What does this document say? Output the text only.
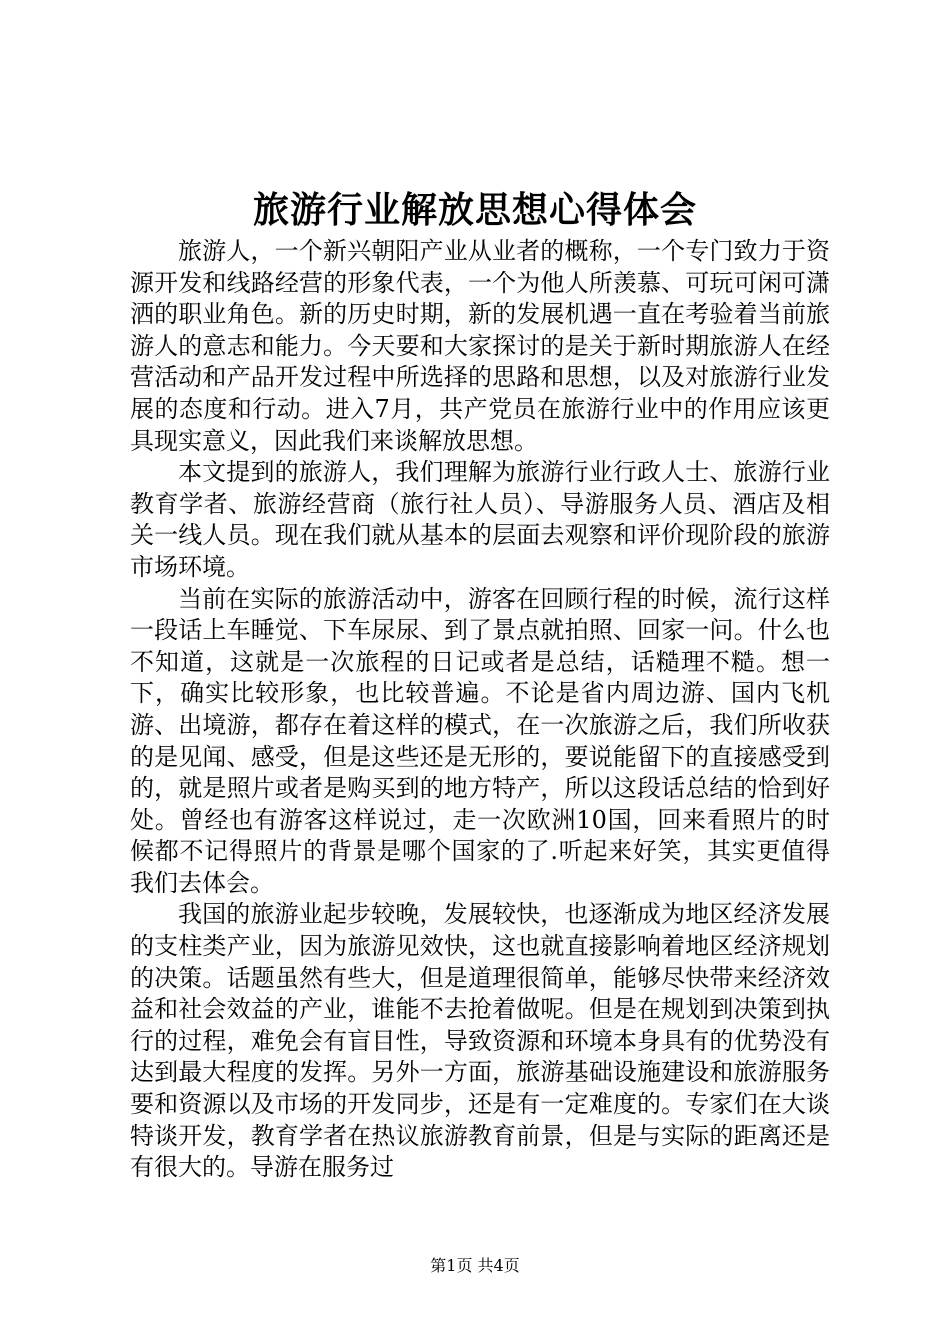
旅游行业解放思想心得体会

旅游人，一个新兴朝阳产业从业者的概称，一个专门致力于资源开发和线路经营的形象代表，一个为他人所羡慕、可玩可闲可潇洒的职业角色。新的历史时期，新的发展机遇一直在考验着当前旅游人的意志和能力。今天要和大家探讨的是关于新时期旅游人在经营活动和产品开发过程中所选择的思路和思想，以及对旅游行业发展的态度和行动。进入7月，共产党员在旅游行业中的作用应该更具现实意义，因此我们来谈解放思想。

本文提到的旅游人，我们理解为旅游行业行政人士、旅游行业教育学者、旅游经营商（旅行社人员）、导游服务人员、酒店及相关一线人员。现在我们就从基本的层面去观察和评价现阶段的旅游市场环境。

当前在实际的旅游活动中，游客在回顾行程的时候，流行这样一段话上车睡觉、下车尿尿、到了景点就拍照、回家一问。什么也不知道，这就是一次旅程的日记或者是总结，话糙理不糙。想一下，确实比较形象，也比较普遍。不论是省内周边游、国内飞机游、出境游，都存在着这样的模式，在一次旅游之后，我们所收获的是见闻、感受，但是这些还是无形的，要说能留下的直接感受到的，就是照片或者是购买到的地方特产，所以这段话总结的恰到好处。曾经也有游客这样说过，走一次欧洲10国，回来看照片的时候都不记得照片的背景是哪个国家的了.听起来好笑，其实更值得我们去体会。

我国的旅游业起步较晚，发展较快，也逐渐成为地区经济发展的支柱类产业，因为旅游见效快，这也就直接影响着地区经济规划的决策。话题虽然有些大，但是道理很简单，能够尽快带来经济效益和社会效益的产业，谁能不去抢着做呢。但是在规划到决策到执行的过程，难免会有盲目性，导致资源和环境本身具有的优势没有达到最大程度的发挥。另外一方面，旅游基础设施建设和旅游服务要和资源以及市场的开发同步，还是有一定难度的。专家们在大谈特谈开发，教育学者在热议旅游教育前景，但是与实际的距离还是有很大的。导游在服务过

第1页 共4页
